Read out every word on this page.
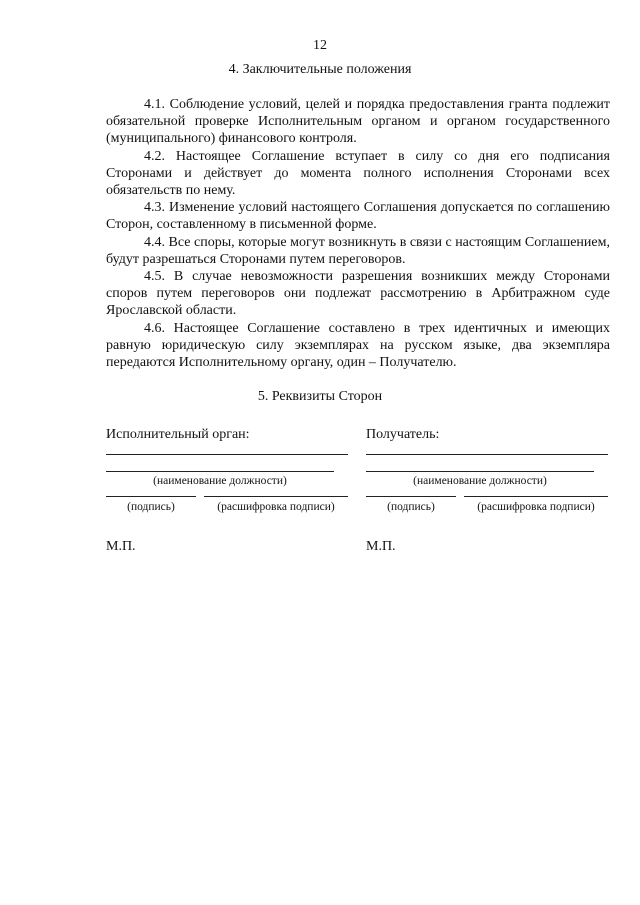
12
4. Заключительные положения

4.1. Соблюдение условий, целей и порядка предоставления гранта подлежит обязательной проверке Исполнительным органом и органом государственного (муниципального) финансового контроля.

4.2. Настоящее Соглашение вступает в силу со дня его подписания Сторонами и действует до момента полного исполнения Сторонами всех обязательств по нему.

4.3. Изменение условий настоящего Соглашения допускается по соглашению Сторон, составленному в письменной форме.

4.4. Все споры, которые могут возникнуть в связи с настоящим Соглашением, будут разрешаться Сторонами путем переговоров.

4.5. В случае невозможности разрешения возникших между Сторонами споров путем переговоров они подлежат рассмотрению в Арбитражном суде Ярославской области.

4.6. Настоящее Соглашение составлено в трех идентичных и имеющих равную юридическую силу экземплярах на русском языке, два экземпляра передаются Исполнительному органу, один – Получателю.

5. Реквизиты Сторон
Исполнительный орган:
(наименование должности)
(подпись)	(расшифровка подписи)
М.П.
Получатель:
(наименование должности)
(подпись)	(расшифровка подписи)
М.П.
